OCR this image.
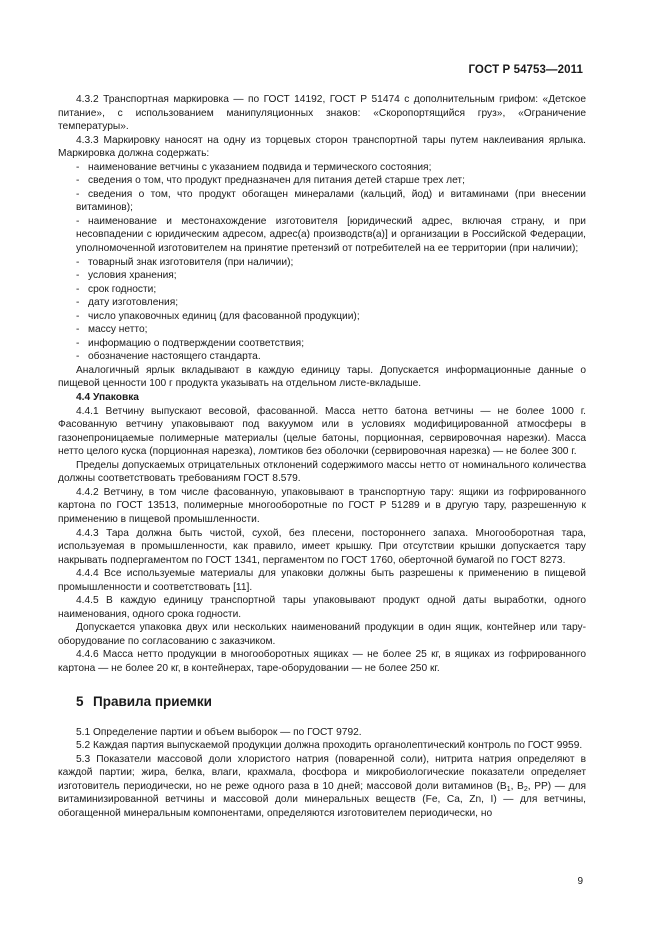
ГОСТ Р 54753—2011

4.3.2 Транспортная маркировка — по ГОСТ 14192, ГОСТ Р 51474 с дополнительным грифом: «Детское питание», с использованием манипуляционных знаков: «Скоропортящийся груз», «Ограничение температуры».

4.3.3 Маркировку наносят на одну из торцевых сторон транспортной тары путем наклеивания ярлыка. Маркировка должна содержать:

- наименование ветчины с указанием подвида и термического состояния;

- сведения о том, что продукт предназначен для питания детей старше трех лет;

- сведения о том, что продукт обогащен минералами (кальций, йод) и витаминами (при внесении витаминов);

- наименование и местонахождение изготовителя [юридический адрес, включая страну, и при несовпадении с юридическим адресом, адрес(а) производств(а)] и организации в Российской Федерации, уполномоченной изготовителем на принятие претензий от потребителей на ее территории (при наличии);

- товарный знак изготовителя (при наличии);

- условия хранения;

- срок годности;

- дату изготовления;

- число упаковочных единиц (для фасованной продукции);

- массу нетто;

- информацию о подтверждении соответствия;

- обозначение настоящего стандарта.

Аналогичный ярлык вкладывают в каждую единицу тары. Допускается информационные данные о пищевой ценности 100 г продукта указывать на отдельном листе-вкладыше.

4.4 Упаковка

4.4.1 Ветчину выпускают весовой, фасованной. Масса нетто батона ветчины — не более 1000 г. Фасованную ветчину упаковывают под вакуумом или в условиях модифицированной атмосферы в газонепроницаемые полимерные материалы (целые батоны, порционная, сервировочная нарезки). Масса нетто целого куска (порционная нарезка), ломтиков без оболочки (сервировочная нарезка) — не более 300 г.

Пределы допускаемых отрицательных отклонений содержимого массы нетто от номинального количества должны соответствовать требованиям ГОСТ 8.579.

4.4.2 Ветчину, в том числе фасованную, упаковывают в транспортную тару: ящики из гофрированного картона по ГОСТ 13513, полимерные многооборотные по ГОСТ Р 51289 и в другую тару, разрешенную к применению в пищевой промышленности.

4.4.3 Тара должна быть чистой, сухой, без плесени, постороннего запаха. Многооборотная тара, используемая в промышленности, как правило, имеет крышку. При отсутствии крышки допускается тару накрывать подпергаментом по ГОСТ 1341, пергаментом по ГОСТ 1760, оберточной бумагой по ГОСТ 8273.

4.4.4 Все используемые материалы для упаковки должны быть разрешены к применению в пищевой промышленности и соответствовать [11].

4.4.5 В каждую единицу транспортной тары упаковывают продукт одной даты выработки, одного наименования, одного срока годности.

Допускается упаковка двух или нескольких наименований продукции в один ящик, контейнер или тару-оборудование по согласованию с заказчиком.

4.4.6 Масса нетто продукции в многооборотных ящиках — не более 25 кг, в ящиках из гофрированного картона — не более 20 кг, в контейнерах, таре-оборудовании — не более 250 кг.

5 Правила приемки

5.1 Определение партии и объем выборок — по ГОСТ 9792.

5.2 Каждая партия выпускаемой продукции должна проходить органолептический контроль по ГОСТ 9959.

5.3 Показатели массовой доли хлористого натрия (поваренной соли), нитрита натрия определяют в каждой партии; жира, белка, влаги, крахмала, фосфора и микробиологические показатели определяет изготовитель периодически, но не реже одного раза в 10 дней; массовой доли витаминов ($В_1$, $В_2$, РР) — для витаминизированной ветчины и массовой доли минеральных веществ (Fe, Ca, Zn, I) — для ветчины, обогащенной минеральным компонентами, определяются изготовителем периодически, но

9
